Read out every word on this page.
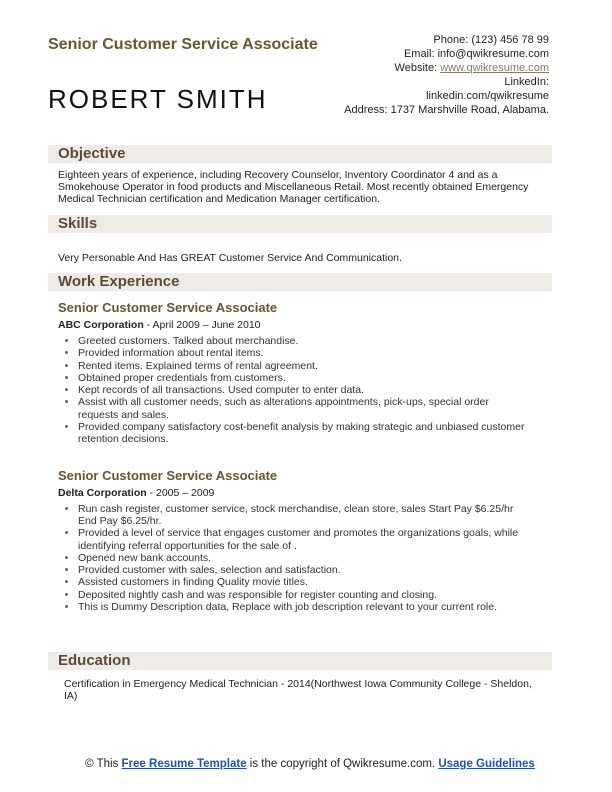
Senior Customer Service Associate
ROBERT SMITH
Phone: (123) 456 78 99
Email: info@qwikresume.com
Website: www.qwikresume.com
LinkedIn:
linkedin.com/qwikresume
Address: 1737 Marshville Road, Alabama.
Objective
Eighteen years of experience, including Recovery Counselor, Inventory Coordinator 4 and as a Smokehouse Operator in food products and Miscellaneous Retail. Most recently obtained Emergency Medical Technician certification and Medication Manager certification.
Skills
Very Personable And Has GREAT Customer Service And Communication.
Work Experience
Senior Customer Service Associate
ABC Corporation - April 2009 – June 2010
• Greeted customers. Talked about merchandise.
• Provided information about rental items.
• Rented items. Explained terms of rental agreement.
• Obtained proper credentials from customers.
• Kept records of all transactions. Used computer to enter data.
• Assist with all customer needs, such as alterations appointments, pick-ups, special order requests and sales.
• Provided company satisfactory cost-benefit analysis by making strategic and unbiased customer retention decisions.
Senior Customer Service Associate
Delta Corporation - 2005 – 2009
• Run cash register, customer service, stock merchandise, clean store, sales Start Pay $6.25/hr End Pay $6.25/hr.
• Provided a level of service that engages customer and promotes the organizations goals, while identifying referral opportunities for the sale of .
• Opened new bank accounts.
• Provided customer with sales, selection and satisfaction.
• Assisted customers in finding Quality movie titles.
• Deposited nightly cash and was responsible for register counting and closing.
• This is Dummy Description data, Replace with job description relevant to your current role.
Education
Certification in Emergency Medical Technician - 2014(Northwest Iowa Community College - Sheldon, IA)
© This Free Resume Template is the copyright of Qwikresume.com. Usage Guidelines
